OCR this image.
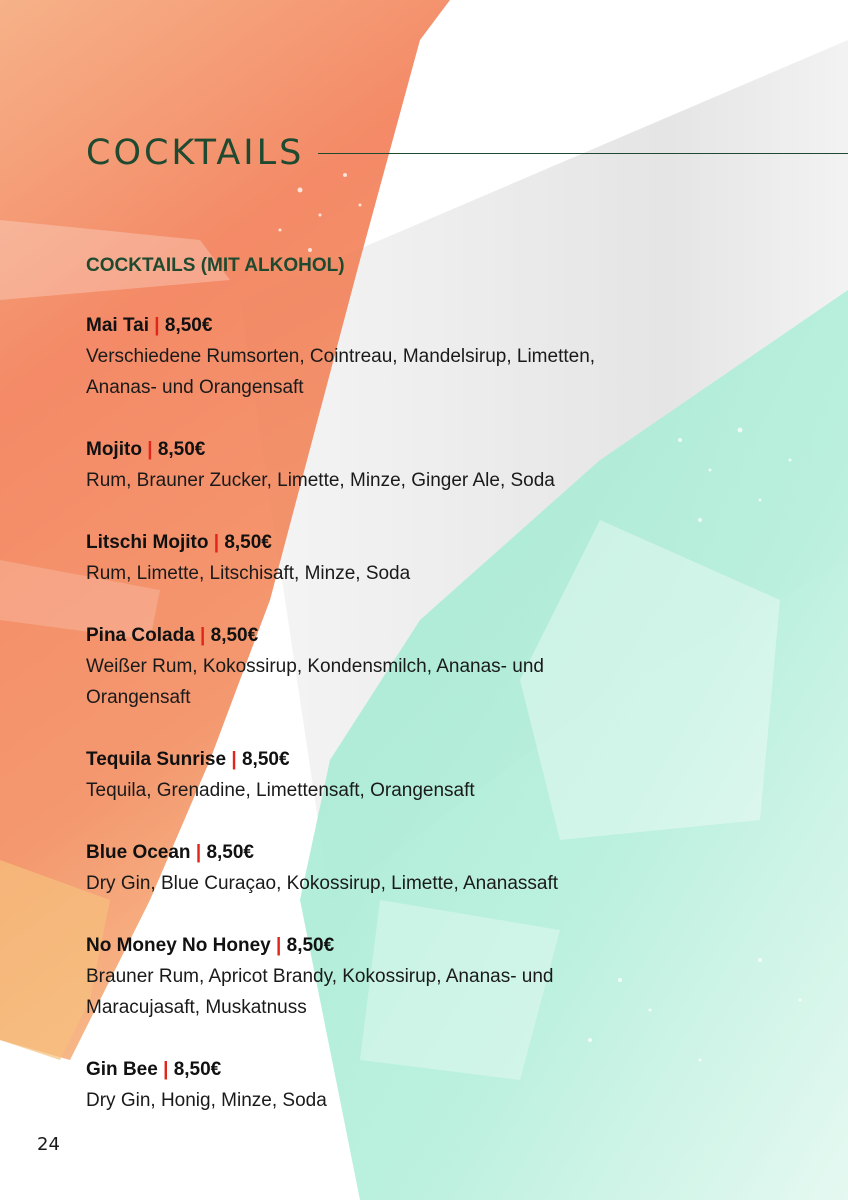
COCKTAILS
COCKTAILS (MIT ALKOHOL)
Mai Tai | 8,50€
Verschiedene Rumsorten, Cointreau, Mandelsirup, Limetten,
Ananas- und Orangensaft
Mojito | 8,50€
Rum, Brauner Zucker, Limette, Minze, Ginger Ale, Soda
Litschi Mojito | 8,50€
Rum, Limette, Litschisaft, Minze, Soda
Pina Colada | 8,50€
Weißer Rum, Kokossirup, Kondensmilch, Ananas- und
Orangensaft
Tequila Sunrise | 8,50€
Tequila, Grenadine, Limettensaft, Orangensaft
Blue Ocean | 8,50€
Dry Gin, Blue Curaçao, Kokossirup, Limette, Ananassaft
No Money No Honey | 8,50€
Brauner Rum, Apricot Brandy, Kokossirup, Ananas- und
Maracujasaft, Muskatnuss
Gin Bee | 8,50€
Dry Gin, Honig, Minze, Soda
24
